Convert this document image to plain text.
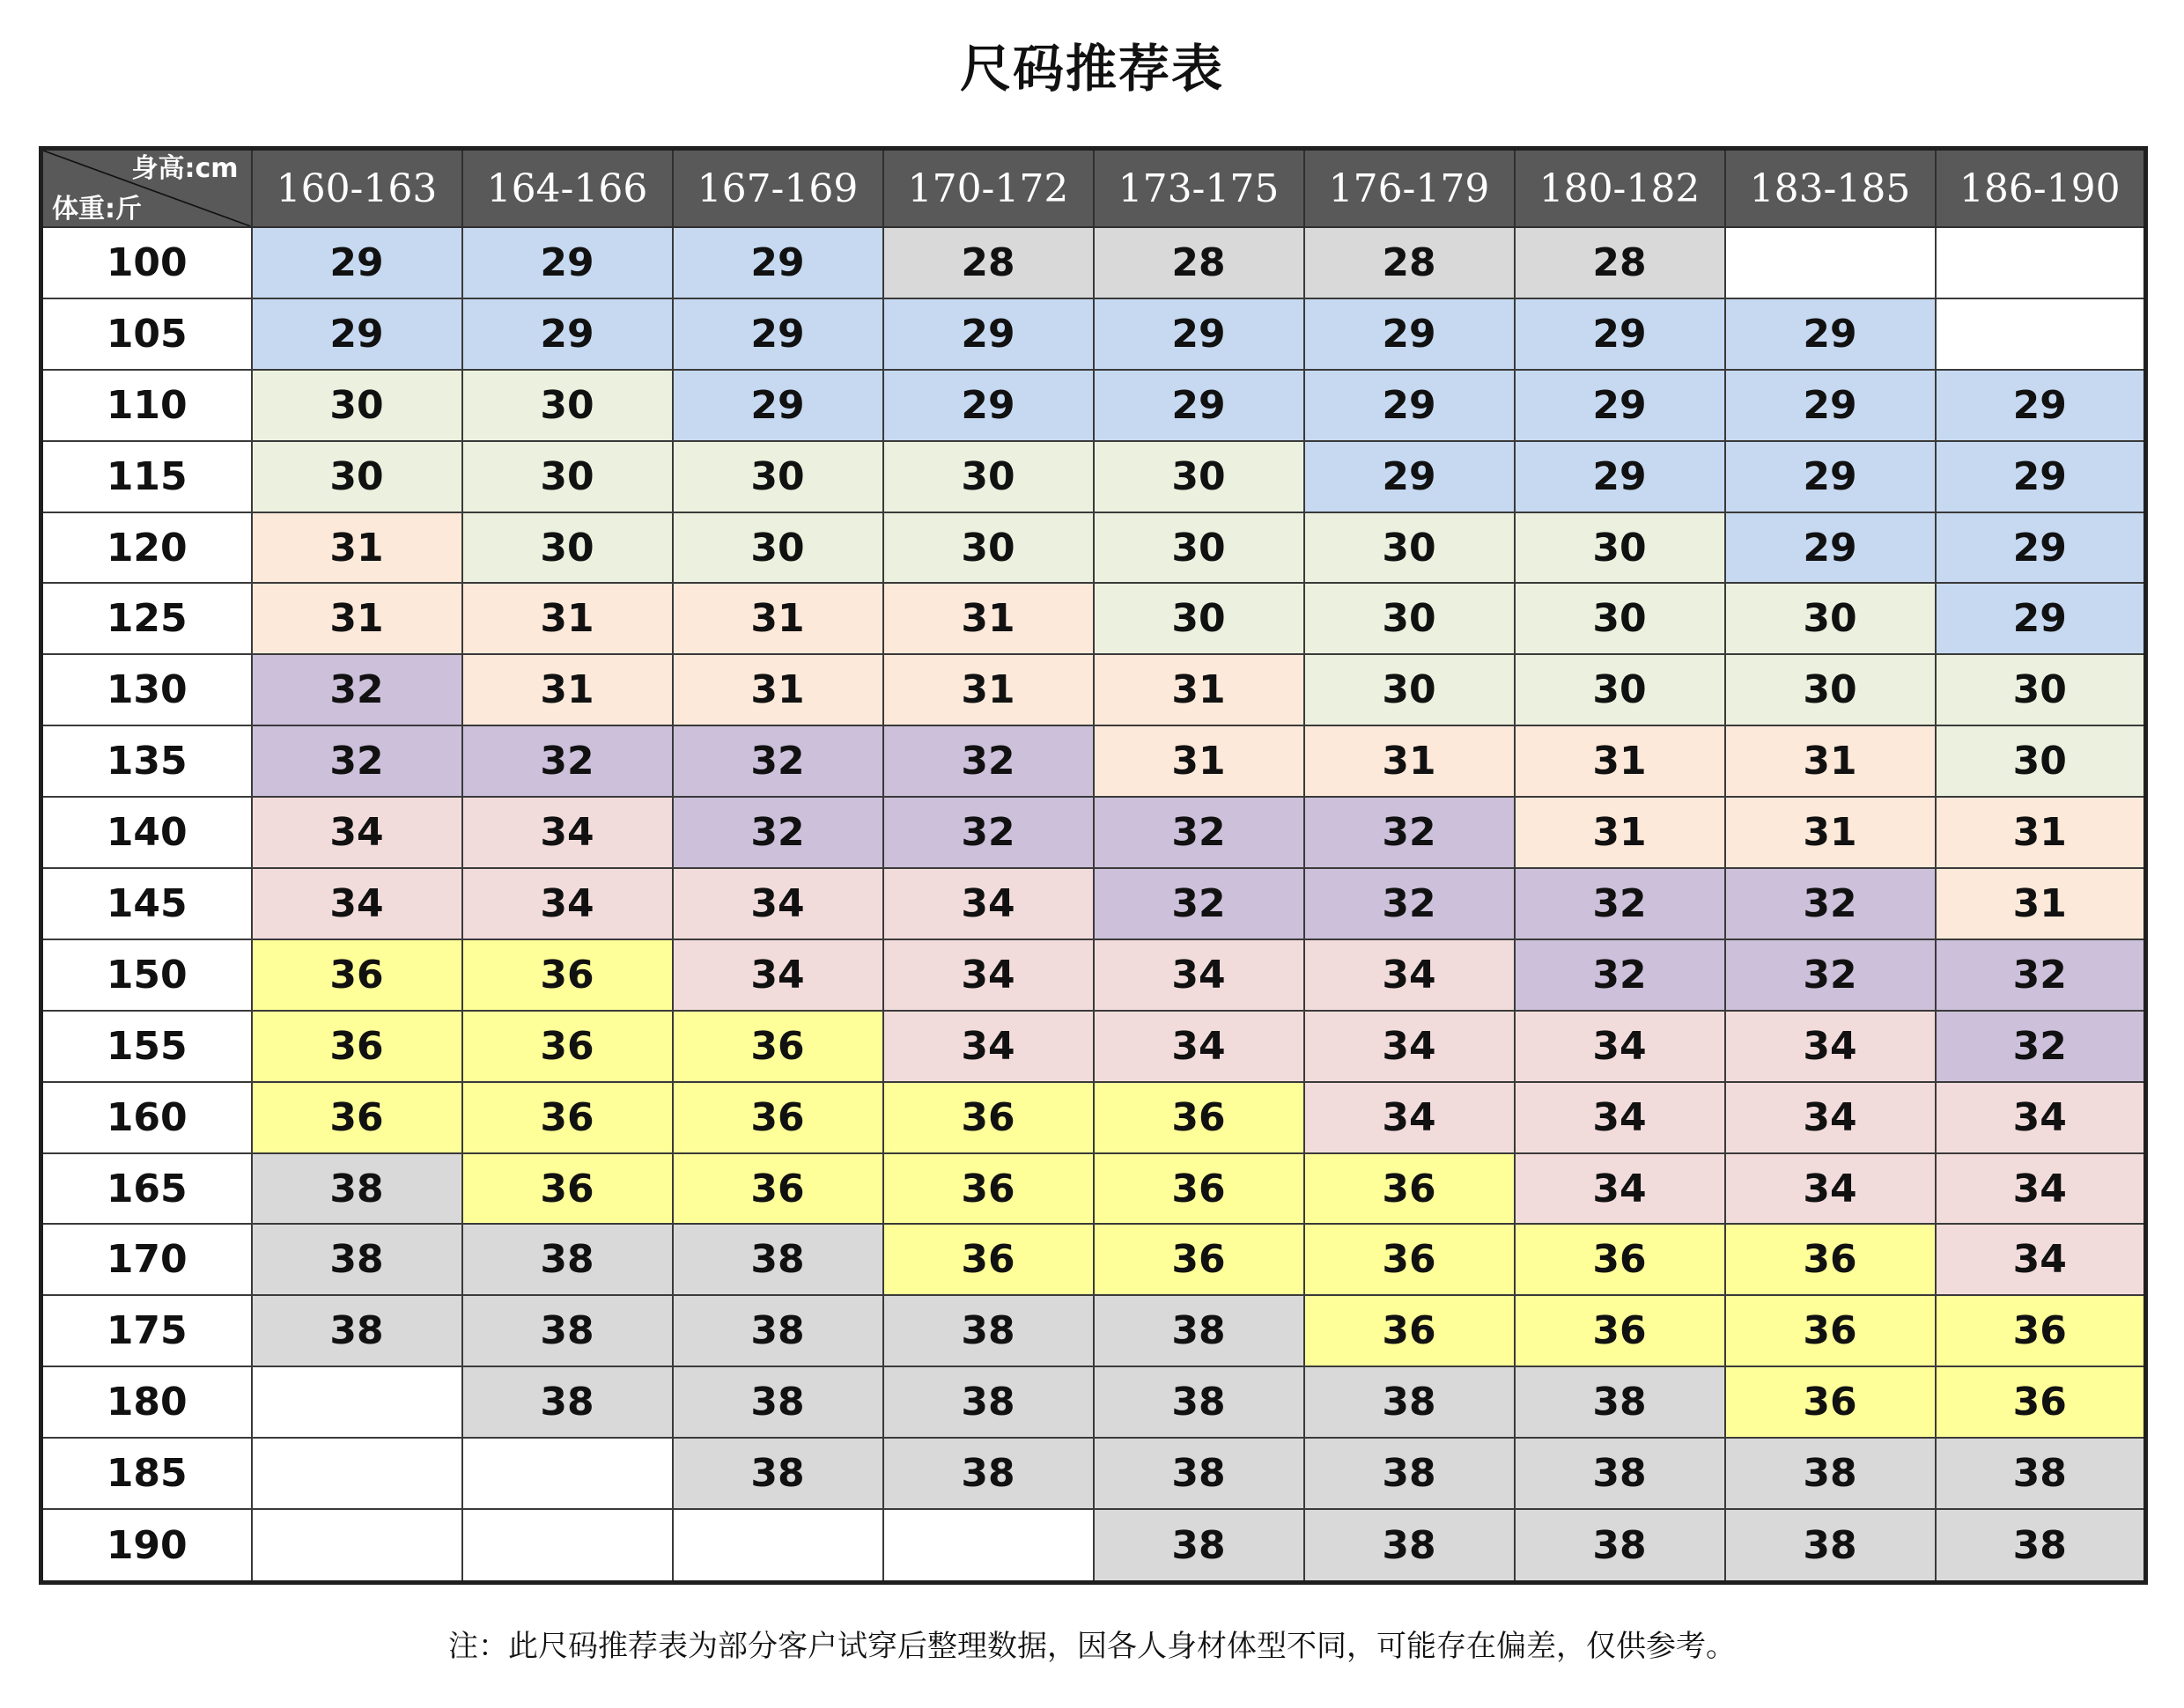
尺码推荐表
身高:cm
体重:斤	160-163	164-166	167-169	170-172	173-175	176-179	180-182	183-185	186-190
100	29	29	29	28	28	28	28		
105	29	29	29	29	29	29	29	29	
110	30	30	29	29	29	29	29	29	29
115	30	30	30	30	30	29	29	29	29
120	31	30	30	30	30	30	30	29	29
125	31	31	31	31	30	30	30	30	29
130	32	31	31	31	31	30	30	30	30
135	32	32	32	32	31	31	31	31	30
140	34	34	32	32	32	32	31	31	31
145	34	34	34	34	32	32	32	32	31
150	36	36	34	34	34	34	32	32	32
155	36	36	36	34	34	34	34	34	32
160	36	36	36	36	36	34	34	34	34
165	38	36	36	36	36	36	34	34	34
170	38	38	38	36	36	36	36	36	34
175	38	38	38	38	38	36	36	36	36
180		38	38	38	38	38	38	36	36
185			38	38	38	38	38	38	38
190					38	38	38	38	38
注：此尺码推荐表为部分客户试穿后整理数据，因各人身材体型不同，可能存在偏差，仅供参考。
